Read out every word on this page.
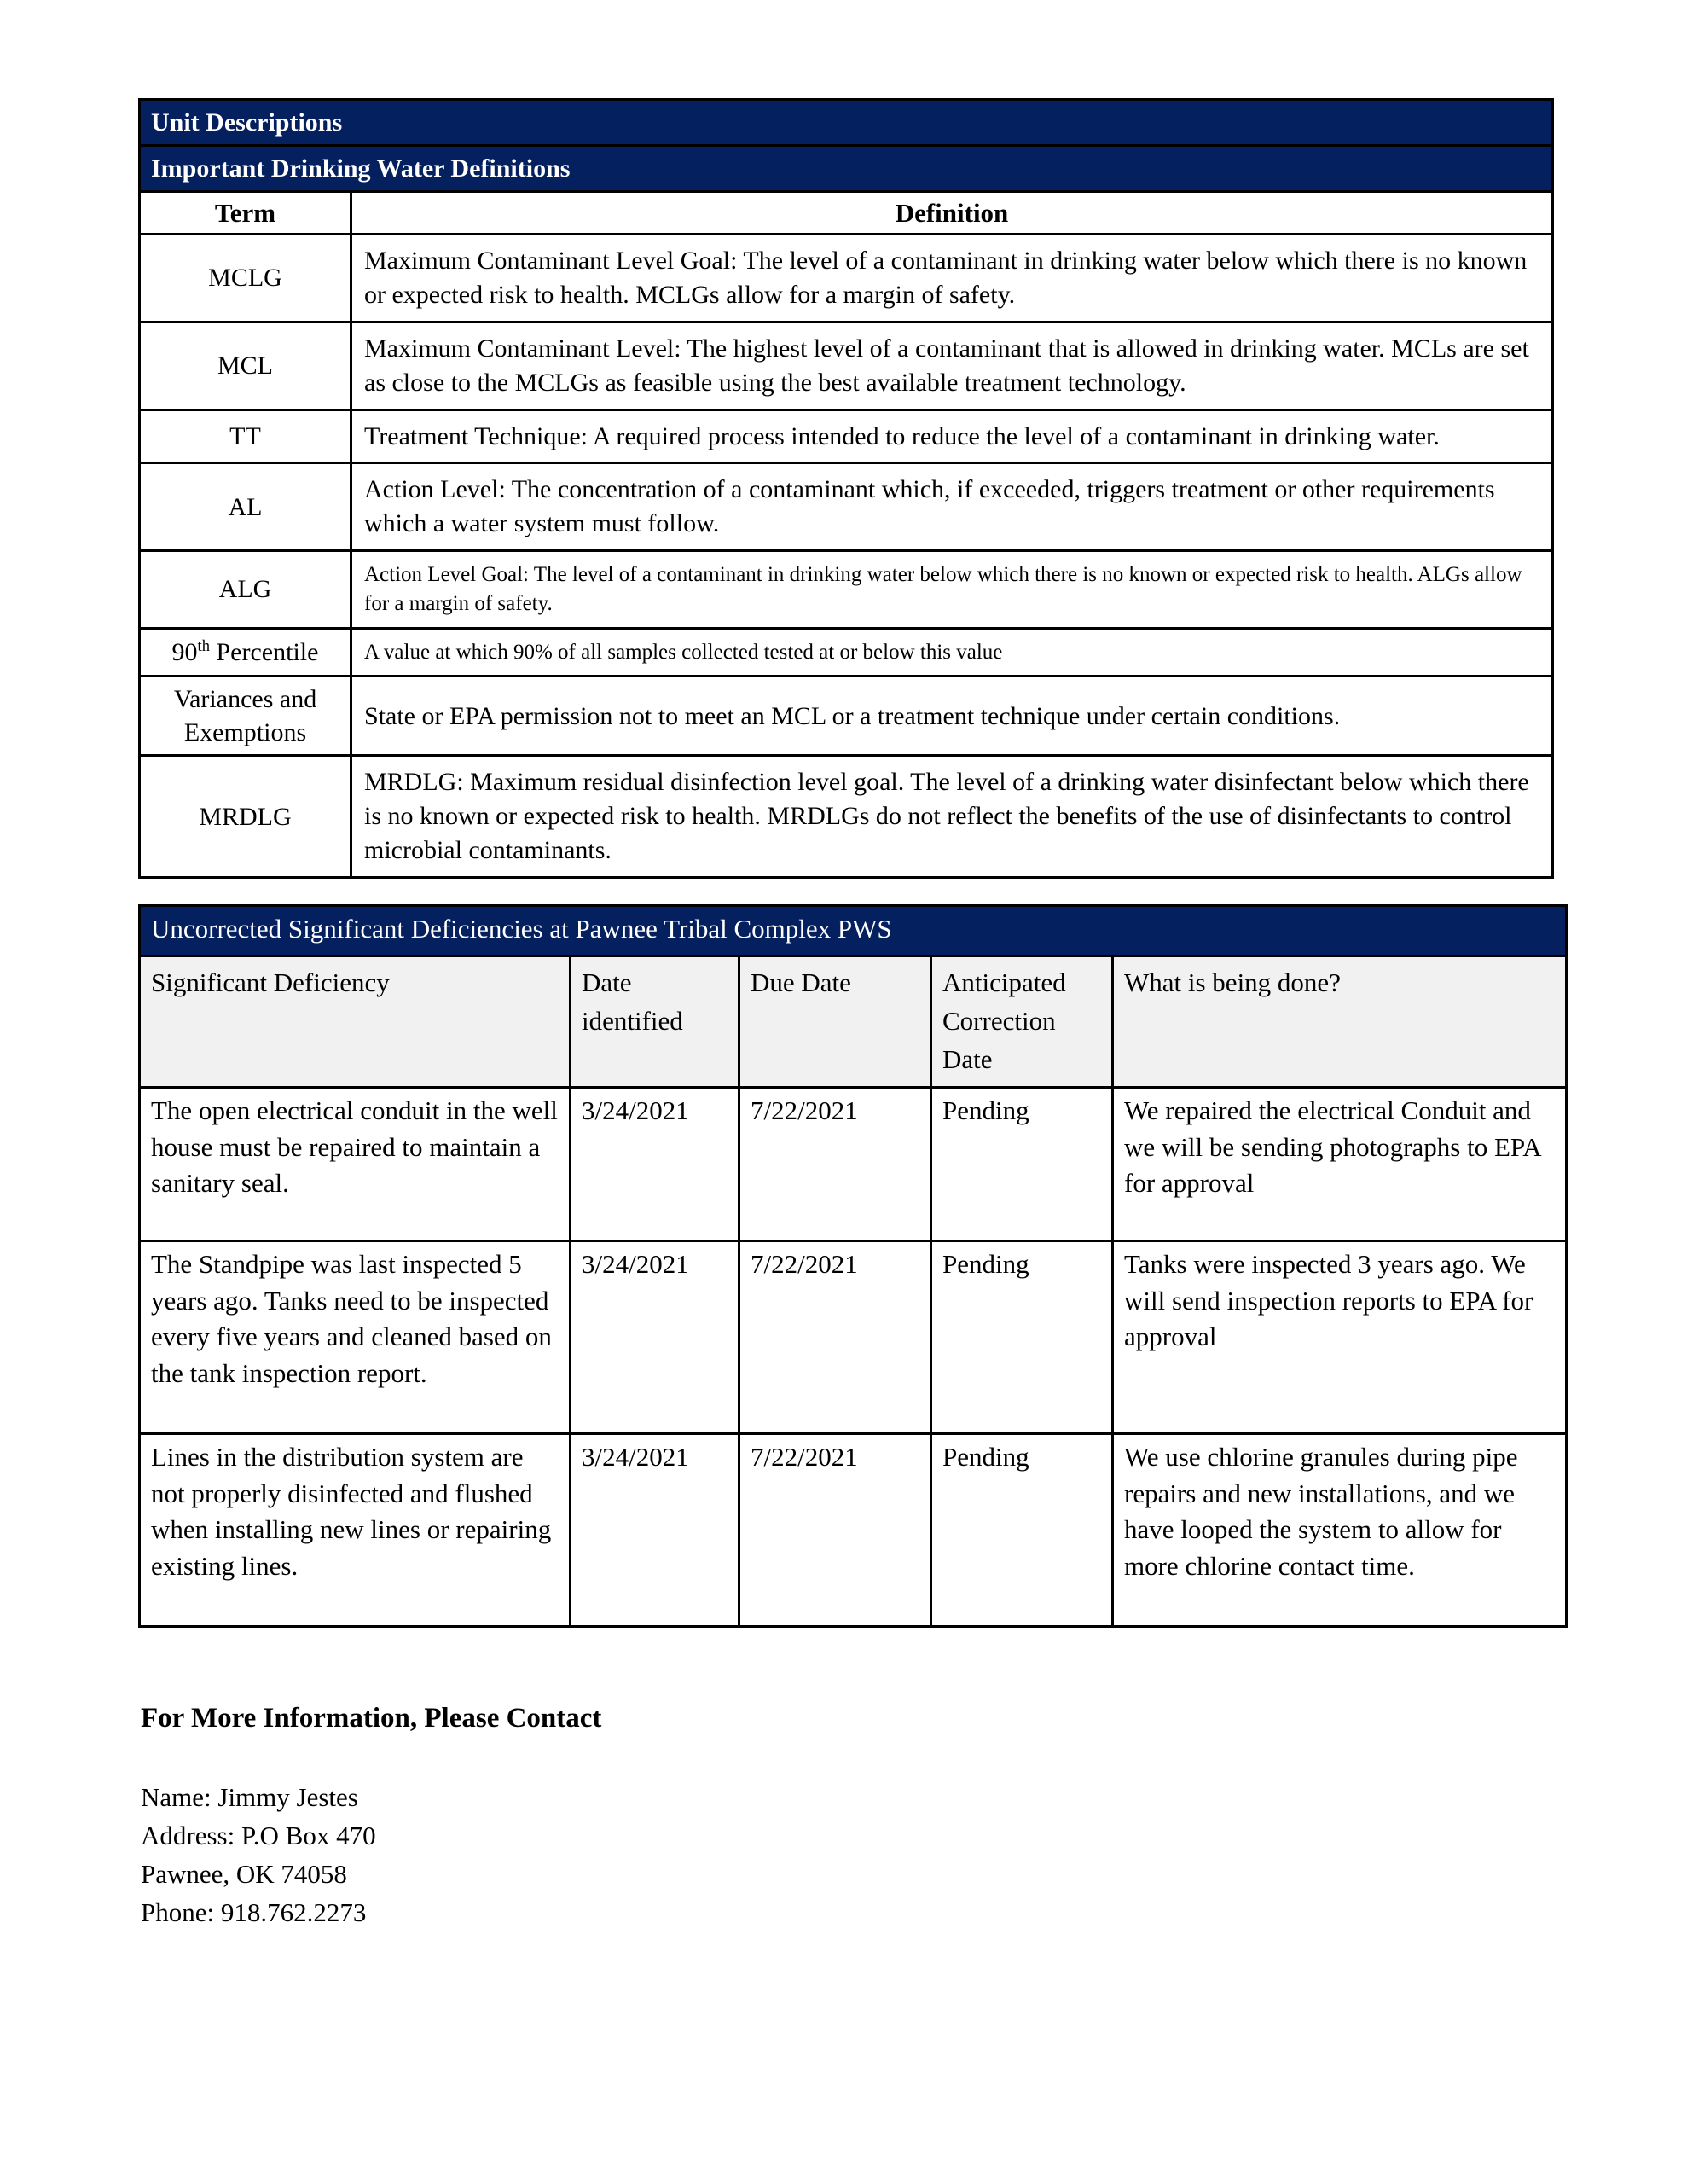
Unit Descriptions	
Important Drinking Water Definitions	
Term	Definition
MCLG	Maximum Contaminant Level Goal: The level of a contaminant in drinking water below which there is no known or expected risk to health. MCLGs allow for a margin of safety.
MCL	Maximum Contaminant Level: The highest level of a contaminant that is allowed in drinking water. MCLs are set as close to the MCLGs as feasible using the best available treatment technology.
TT	Treatment Technique: A required process intended to reduce the level of a contaminant in drinking water.
AL	Action Level: The concentration of a contaminant which, if exceeded, triggers treatment or other requirements which a water system must follow.
ALG	Action Level Goal: The level of a contaminant in drinking water below which there is no known or expected risk to health. ALGs allow for a margin of safety.
90th Percentile	A value at which 90% of all samples collected tested at or below this value
Variances and Exemptions	State or EPA permission not to meet an MCL or a treatment technique under certain conditions.
MRDLG	MRDLG: Maximum residual disinfection level goal. The level of a drinking water disinfectant below which there is no known or expected risk to health. MRDLGs do not reflect the benefits of the use of disinfectants to control microbial contaminants.
Uncorrected Significant Deficiencies at Pawnee Tribal Complex PWS				
Significant Deficiency	Date identified	Due Date	Anticipated Correction Date	What is being done?
The open electrical conduit in the well house must be repaired to maintain a sanitary seal.	3/24/2021	7/22/2021	Pending	We repaired the electrical Conduit and we will be sending photographs to EPA for approval
The Standpipe was last inspected 5 years ago. Tanks need to be inspected every five years and cleaned based on the tank inspection report.	3/24/2021	7/22/2021	Pending	Tanks were inspected 3 years ago. We will send inspection reports to EPA for approval
Lines in the distribution system are not properly disinfected and flushed when installing new lines or repairing existing lines.	3/24/2021	7/22/2021	Pending	We use chlorine granules during pipe repairs and new installations, and we have looped the system to allow for more chlorine contact time.
For More Information, Please Contact
Name: Jimmy Jestes
Address: P.O Box 470
Pawnee, OK 74058
Phone: 918.762.2273
